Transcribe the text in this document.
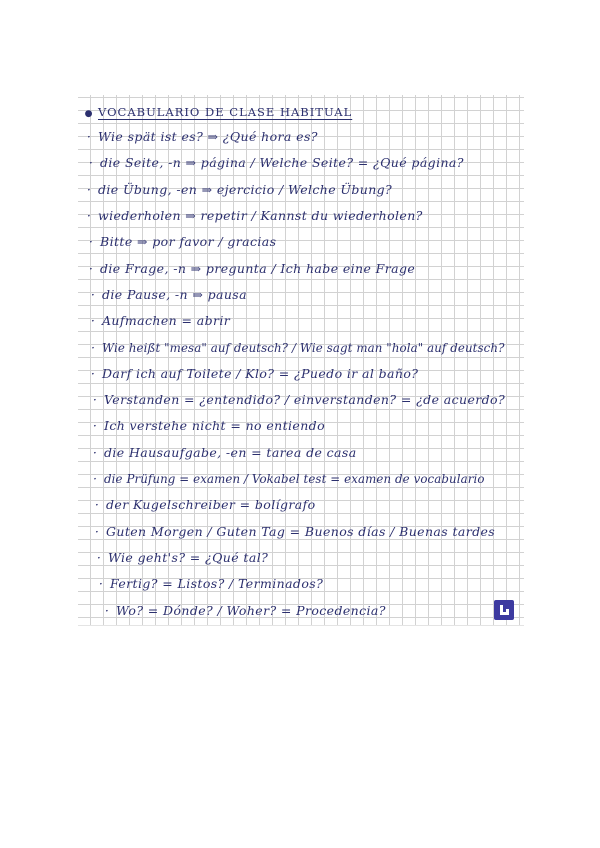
● VOCABULARIO DE CLASE HABITUAL
· Wie spät ist es? ⇒ ¿Qué hora es?
· die Seite, -n ⇒ página / Welche Seite? = ¿Qué página?
· die Übung, -en ⇒ ejercicio / Welche Übung?
· wiederholen ⇒ repetir / Kannst du wiederholen?
· Bitte ⇒ por favor / gracias
· die Frage, -n ⇒ pregunta / Ich habe eine Frage
· die Pause, -n ⇒ pausa
· Aufmachen = abrir
· Wie heißt "mesa" auf deutsch? / Wie sagt man "hola" auf deutsch?
· Darf ich auf Toilete / Klo? = ¿Puedo ir al baño?
· Verstanden = ¿entendido? / einverstanden? = ¿de acuerdo?
· Ich verstehe nicht = no entiendo
· die Hausaufgabe, -en = tarea de casa
· die Prüfung = examen / Vokabel test = examen de vocabulario
· der Kugelschreiber = bolígrafo
· Guten Morgen / Guten Tag = Buenos días / Buenas tardes
· Wie geht's? = ¿Qué tal?
· Fertig? = Listos? / Terminados?
· Wo? = Dónde? / Woher? = Procedencia?
